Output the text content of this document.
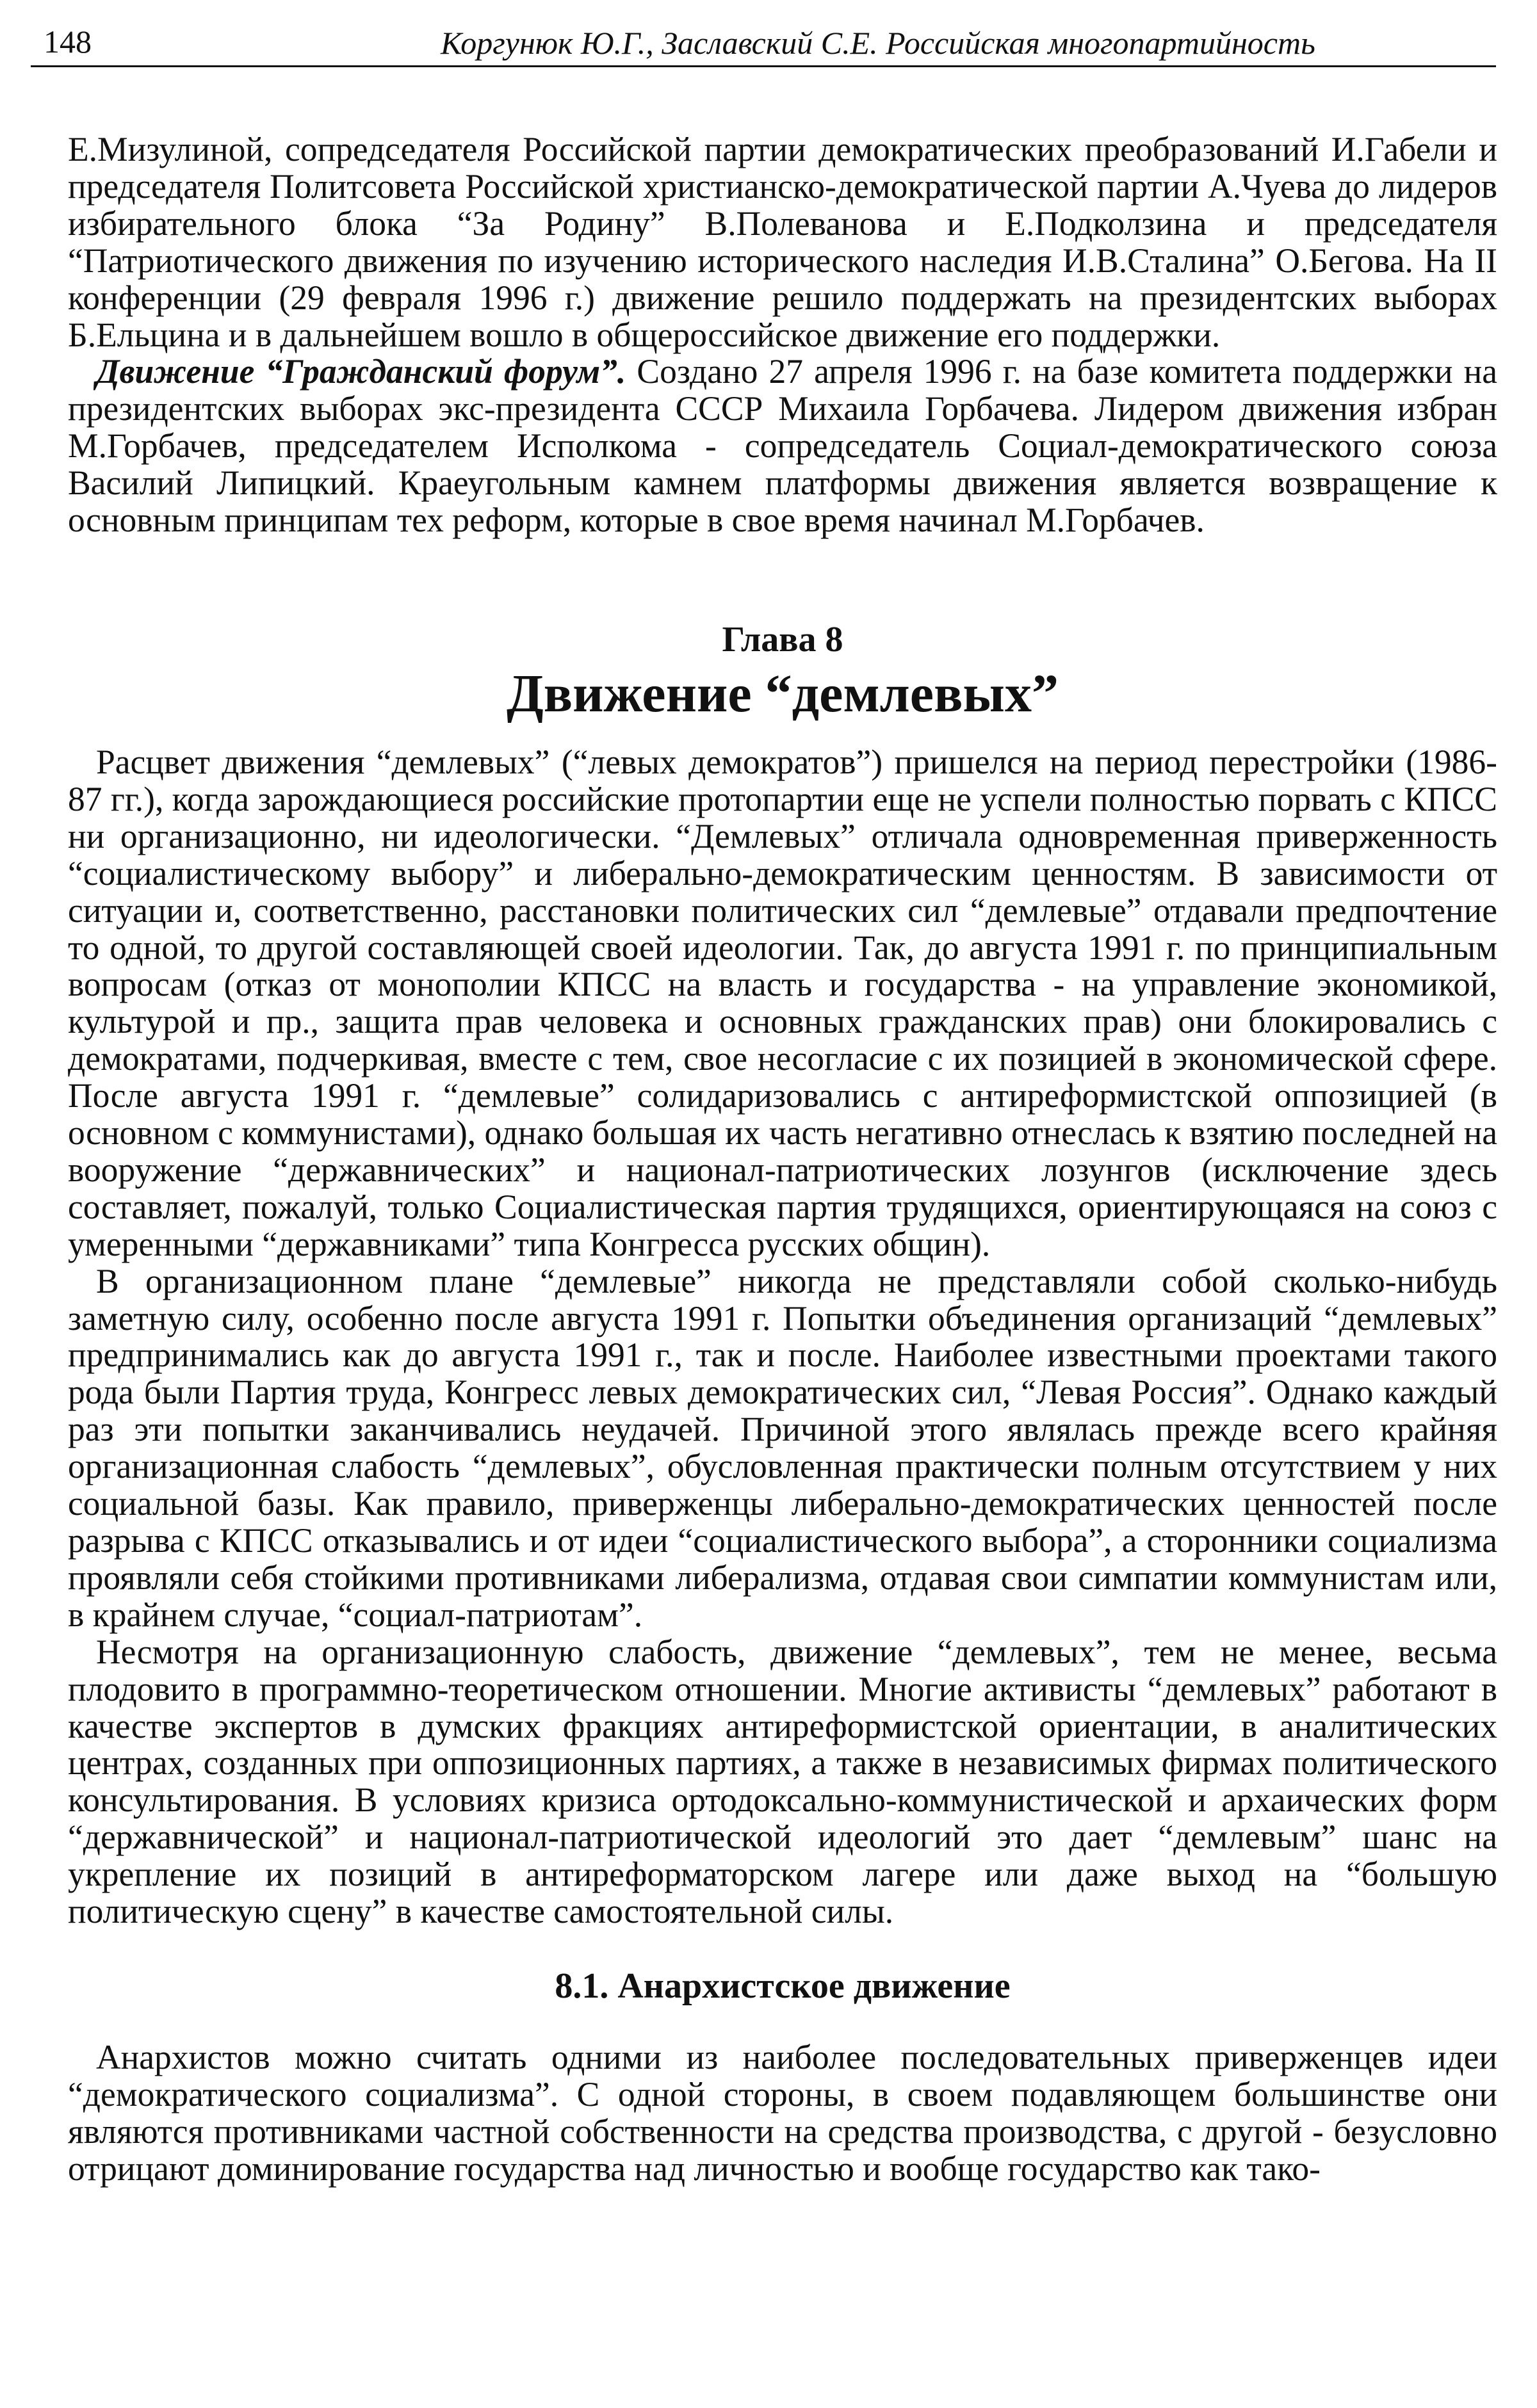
148	Коргунюк Ю.Г., Заславский С.Е. Российская многопартийность

Е.Мизулиной, сопредседателя Российской партии демократических преобразований И.Габели и председателя Политсовета Российской христианско-демократической партии А.Чуева до лидеров избирательного блока “За Родину” В.Полеванова и Е.Подколзина и председателя “Патриотического движения по изучению исторического наследия И.В.Сталина” О.Бегова. На II конференции (29 февраля 1996 г.) движение решило поддержать на президентских выборах Б.Ельцина и в дальнейшем вошло в общероссийское движение его поддержки.

Движение “Гражданский форум”. Создано 27 апреля 1996 г. на базе комитета поддержки на президентских выборах экс-президента СССР Михаила Горбачева. Лидером движения избран М.Горбачев, председателем Исполкома - сопредседатель Социал-демократического союза Василий Липицкий. Краеугольным камнем платформы движения является возвращение к основным принципам тех реформ, которые в свое время начинал М.Горбачев.

Глава 8
Движение “демлевых”

Расцвет движения “демлевых” (“левых демократов”) пришелся на период перестройки (1986-87 гг.), когда зарождающиеся российские протопартии еще не успели полностью порвать с КПСС ни организационно, ни идеологически. “Демлевых” отличала одновременная приверженность “социалистическому выбору” и либерально-демократическим ценностям. В зависимости от ситуации и, соответственно, расстановки политических сил “демлевые” отдавали предпочтение то одной, то другой составляющей своей идеологии. Так, до августа 1991 г. по принципиальным вопросам (отказ от монополии КПСС на власть и государства - на управление экономикой, культурой и пр., защита прав человека и основных гражданских прав) они блокировались с демократами, подчеркивая, вместе с тем, свое несогласие с их позицией в экономической сфере. После августа 1991 г. “демлевые” солидаризовались с антиреформистской оппозицией (в основном с коммунистами), однако большая их часть негативно отнеслась к взятию последней на вооружение “державнических” и национал-патриотических лозунгов (исключение здесь составляет, пожалуй, только Социалистическая партия трудящихся, ориентирующаяся на союз с умеренными “державниками” типа Конгресса русских общин).

В организационном плане “демлевые” никогда не представляли собой сколько-нибудь заметную силу, особенно после августа 1991 г. Попытки объединения организаций “демлевых” предпринимались как до августа 1991 г., так и после. Наиболее известными проектами такого рода были Партия труда, Конгресс левых демократических сил, “Левая Россия”. Однако каждый раз эти попытки заканчивались неудачей. Причиной этого являлась прежде всего крайняя организационная слабость “демлевых”, обусловленная практически полным отсутствием у них социальной базы. Как правило, приверженцы либерально-демократических ценностей после разрыва с КПСС отказывались и от идеи “социалистического выбора”, а сторонники социализма проявляли себя стойкими противниками либерализма, отдавая свои симпатии коммунистам или, в крайнем случае, “социал-патриотам”.

Несмотря на организационную слабость, движение “демлевых”, тем не менее, весьма плодовито в программно-теоретическом отношении. Многие активисты “демлевых” работают в качестве экспертов в думских фракциях антиреформистской ориентации, в аналитических центрах, созданных при оппозиционных партиях, а также в независимых фирмах политического консультирования. В условиях кризиса ортодоксально-коммунистической и архаических форм “державнической” и национал-патриотической идеологий это дает “демлевым” шанс на укрепление их позиций в антиреформаторском лагере или даже выход на “большую политическую сцену” в качестве самостоятельной силы.

8.1. Анархистское движение

Анархистов можно считать одними из наиболее последовательных приверженцев идеи “демократического социализма”. С одной стороны, в своем подавляющем большинстве они являются противниками частной собственности на средства производства, с другой - безусловно отрицают доминирование государства над личностью и вообще государство как тако-
